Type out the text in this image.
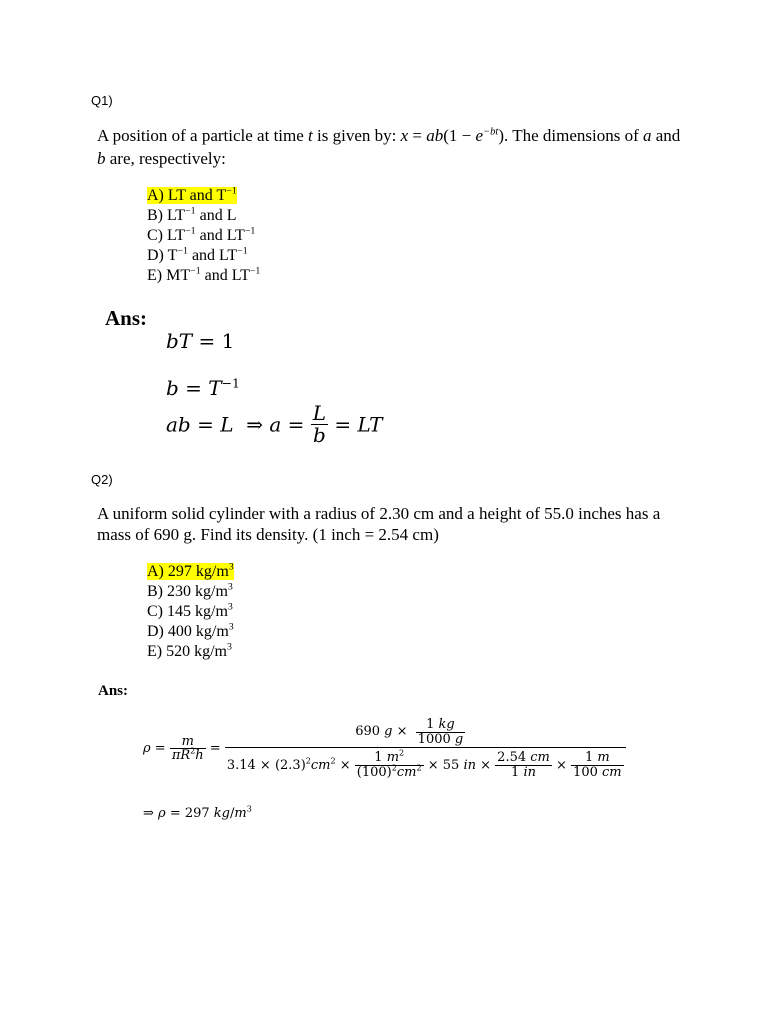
Q1)
A position of a particle at time t is given by: $x = ab(1 - e^{-bt})$. The dimensions of a and
b are, respectively:
A) LT and $T^{-1}$
B) $LT^{-1}$ and L
C) $LT^{-1}$ and $LT^{-1}$
D) $T^{-1}$ and $LT^{-1}$
E) $MT^{-1}$ and $LT^{-1}$
Ans:
bT = 1
$b = T^{-1}$
ab = L  ⇒ $a = \frac{L}{b}$ = LT
Q2)
A uniform solid cylinder with a radius of 2.30 cm and a height of 55.0 inches has a
mass of 690 g. Find its density. (1 inch = 2.54 cm)
A) 297 $kg/m^3$
B) 230 $kg/m^3$
C) 145 $kg/m^3$
D) 400 $kg/m^3$
E) 520 $kg/m^3$
Ans:
$\rho = \frac{m}{\pi R^2h}$ =
690 $g \times \frac{1 kg}{1000 g}$
$3.14 \times (2.3)^2cm^2 \times \frac{1 m^2}{(100)^2cm^2} \times 55$ in × $\frac{2.54 cm}{1 in} \times \frac{1 m}{100 cm}$
⇒ ρ = 297 $kg/m^3$
